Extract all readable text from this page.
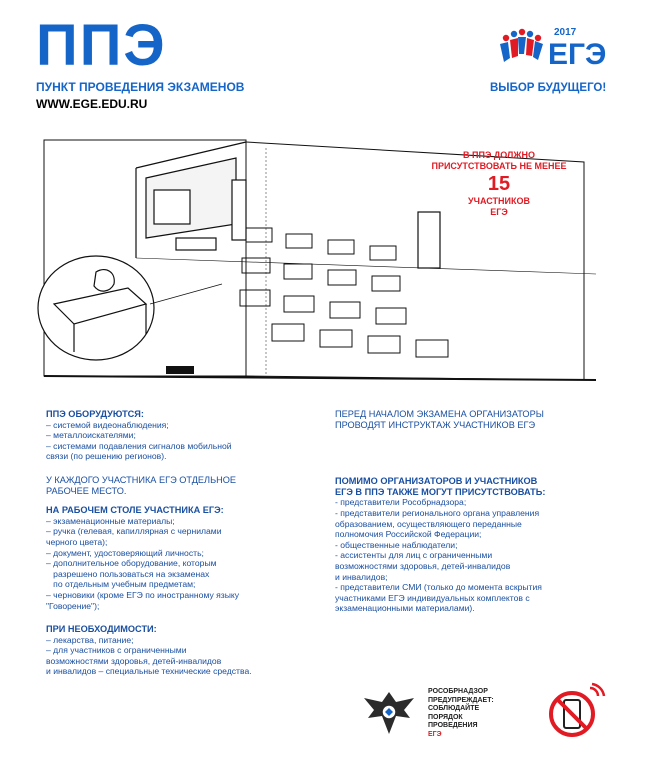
ППЭ
ПУНКТ ПРОВЕДЕНИЯ ЭКЗАМЕНОВ
WWW.EGE.EDU.RU
2017
ЕГЭ
ВЫБОР БУДУЩЕГО!
В ППЭ ДОЛЖНО
ПРИСУТСТВОВАТЬ НЕ МЕНЕЕ
15
УЧАСТНИКОВ
ЕГЭ

ППЭ ОБОРУДУЮТСЯ:

– системой видеонаблюдения;

– металлоискателями;

– системами подавления сигналов мобильной

связи (по решению регионов).

У КАЖДОГО УЧАСТНИКА ЕГЭ ОТДЕЛЬНОЕ

РАБОЧЕЕ МЕСТО.

НА РАБОЧЕМ СТОЛЕ УЧАСТНИКА ЕГЭ:

– экзаменационные материалы;

– ручка (гелевая, капиллярная с чернилами

черного цвета);

– документ, удостоверяющий личность;

– дополнительное оборудование, которым

разрешено пользоваться на экзаменах

по отдельным учебным предметам;

– черновики (кроме ЕГЭ по иностранному языку

"Говорение");

ПРИ НЕОБХОДИМОСТИ:

– лекарства, питание;

– для участников с ограниченными

возможностями здоровья, детей-инвалидов

и инвалидов – специальные технические средства.

ПЕРЕД НАЧАЛОМ ЭКЗАМЕНА ОРГАНИЗАТОРЫ

ПРОВОДЯТ ИНСТРУКТАЖ УЧАСТНИКОВ ЕГЭ

ПОМИМО ОРГАНИЗАТОРОВ И УЧАСТНИКОВ

ЕГЭ В ППЭ ТАКЖЕ МОГУТ ПРИСУТСТВОВАТЬ:

- представители Рособрнадзора;

- представители регионального органа управления

образованием, осуществляющего переданные

полномочия Российской Федерации;

- общественные наблюдатели;

- ассистенты для лиц с ограниченными

возможностями здоровья, детей-инвалидов

и инвалидов;

- представители СМИ (только до момента вскрытия

участниками ЕГЭ индивидуальных комплектов с

экзаменационными материалами).

РОСОБРНАДЗОР
ПРЕДУПРЕЖДАЕТ:
СОБЛЮДАЙТЕ
ПОРЯДОК
ПРОВЕДЕНИЯ
ЕГЭ
